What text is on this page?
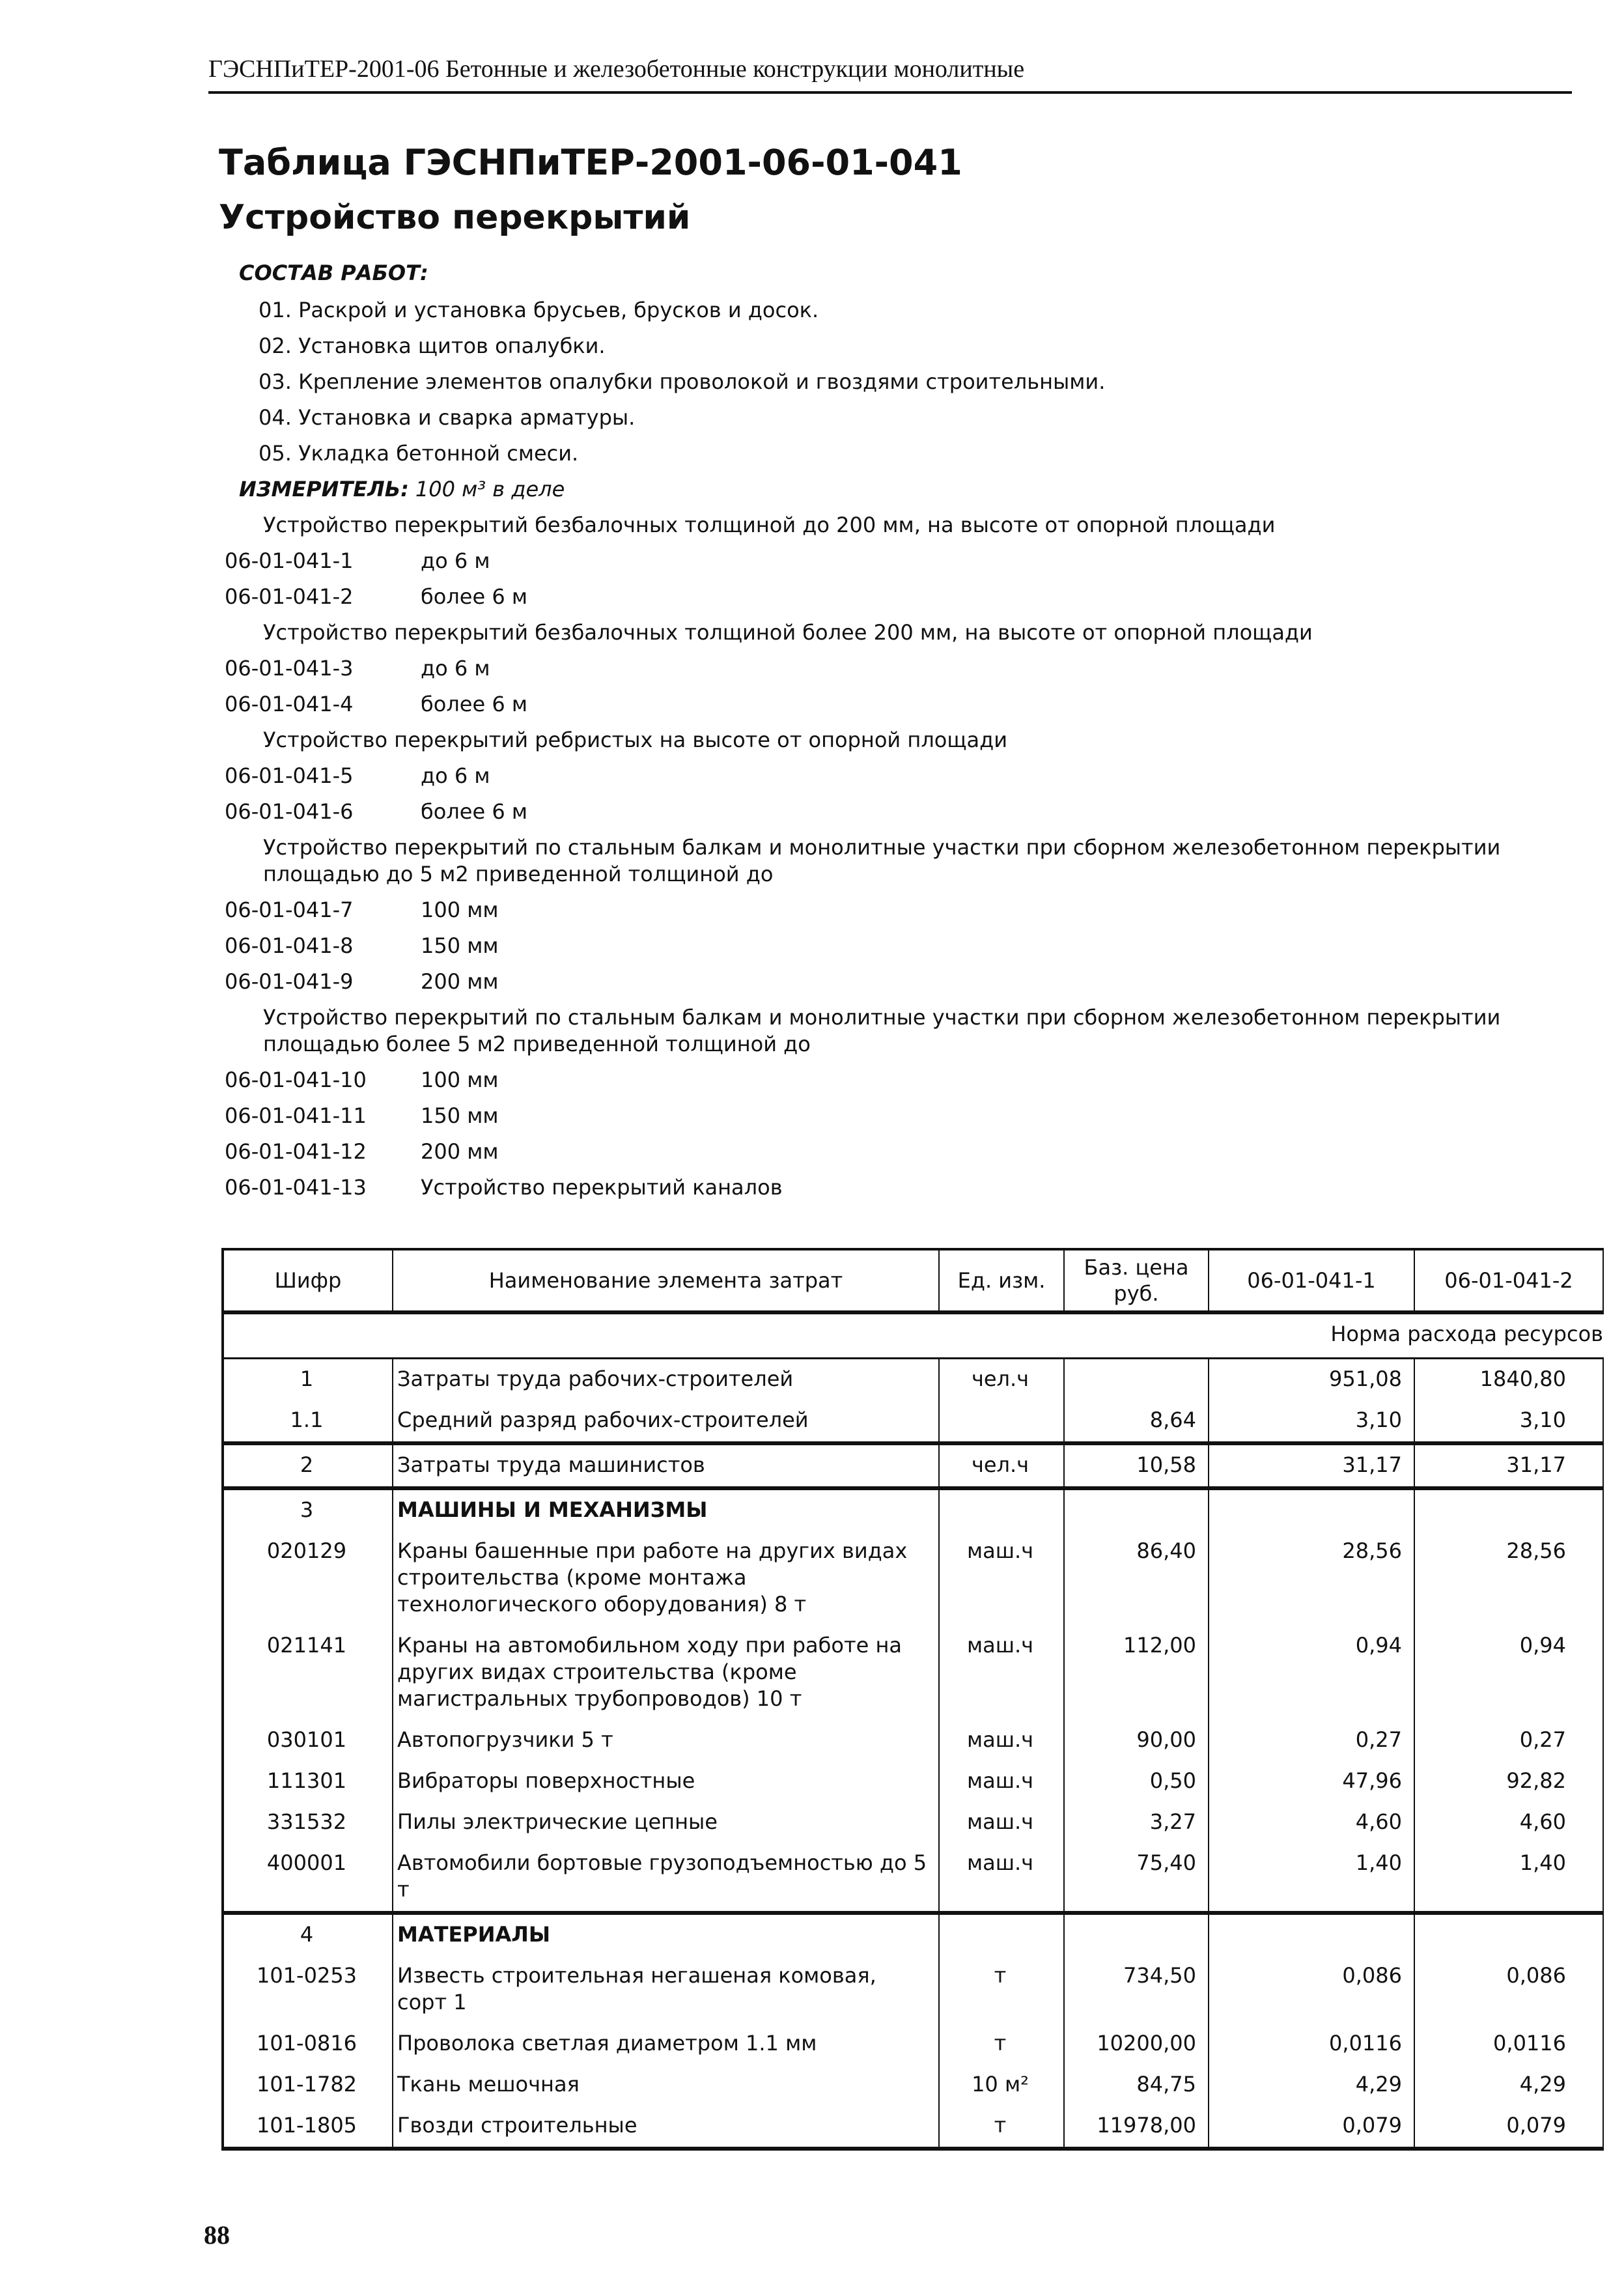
ГЭСНПиТЕР-2001-06 Бетонные и железобетонные конструкции монолитные
Таблица ГЭСНПиТЕР-2001-06-01-041
Устройство перекрытий
СОСТАВ РАБОТ:
01. Раскрой и установка брусьев, брусков и досок.
02. Установка щитов опалубки.
03. Крепление элементов опалубки проволокой и гвоздями строительными.
04. Установка и сварка арматуры.
05. Укладка бетонной смеси.
ИЗМЕРИТЕЛЬ: 100 м³ в деле
Устройство перекрытий безбалочных толщиной до 200 мм, на высоте от опорной площади
06-01-041-1	до 6 м
06-01-041-2	более 6 м
Устройство перекрытий безбалочных толщиной более 200 мм, на высоте от опорной площади
06-01-041-3	до 6 м
06-01-041-4	более 6 м
Устройство перекрытий ребристых на высоте от опорной площади
06-01-041-5	до 6 м
06-01-041-6	более 6 м
Устройство перекрытий по стальным балкам и монолитные участки при сборном железобетонном перекрытии площадью до 5 м2 приведенной толщиной до
06-01-041-7	100 мм
06-01-041-8	150 мм
06-01-041-9	200 мм
Устройство перекрытий по стальным балкам и монолитные участки при сборном железобетонном перекрытии площадью более 5 м2 приведенной толщиной до
06-01-041-10	100 мм
06-01-041-11	150 мм
06-01-041-12	200 мм
06-01-041-13	Устройство перекрытий каналов
Шифр	Наименование элемента затрат	Ед. изм.	Баз. цена руб.	06-01-041-1	06-01-041-2
Норма расхода ресурсов					
1	Затраты труда рабочих-строителей	чел.ч		951,08	1840,80
1.1	Средний разряд рабочих-строителей		8,64	3,10	3,10
2	Затраты труда машинистов	чел.ч	10,58	31,17	31,17
3	МАШИНЫ И МЕХАНИЗМЫ				
020129	Краны башенные при работе на других видах строительства (кроме монтажа технологического оборудования) 8 т	маш.ч	86,40	28,56	28,56
021141	Краны на автомобильном ходу при работе на других видах строительства (кроме магистральных трубопроводов) 10 т	маш.ч	112,00	0,94	0,94
030101	Автопогрузчики 5 т	маш.ч	90,00	0,27	0,27
111301	Вибраторы поверхностные	маш.ч	0,50	47,96	92,82
331532	Пилы электрические цепные	маш.ч	3,27	4,60	4,60
400001	Автомобили бортовые грузоподъемностью до 5 т	маш.ч	75,40	1,40	1,40
4	МАТЕРИАЛЫ				
101-0253	Известь строительная негашеная комовая, сорт 1	т	734,50	0,086	0,086
101-0816	Проволока светлая диаметром 1.1 мм	т	10200,00	0,0116	0,0116
101-1782	Ткань мешочная	10 м²	84,75	4,29	4,29
101-1805	Гвозди строительные	т	11978,00	0,079	0,079
88
